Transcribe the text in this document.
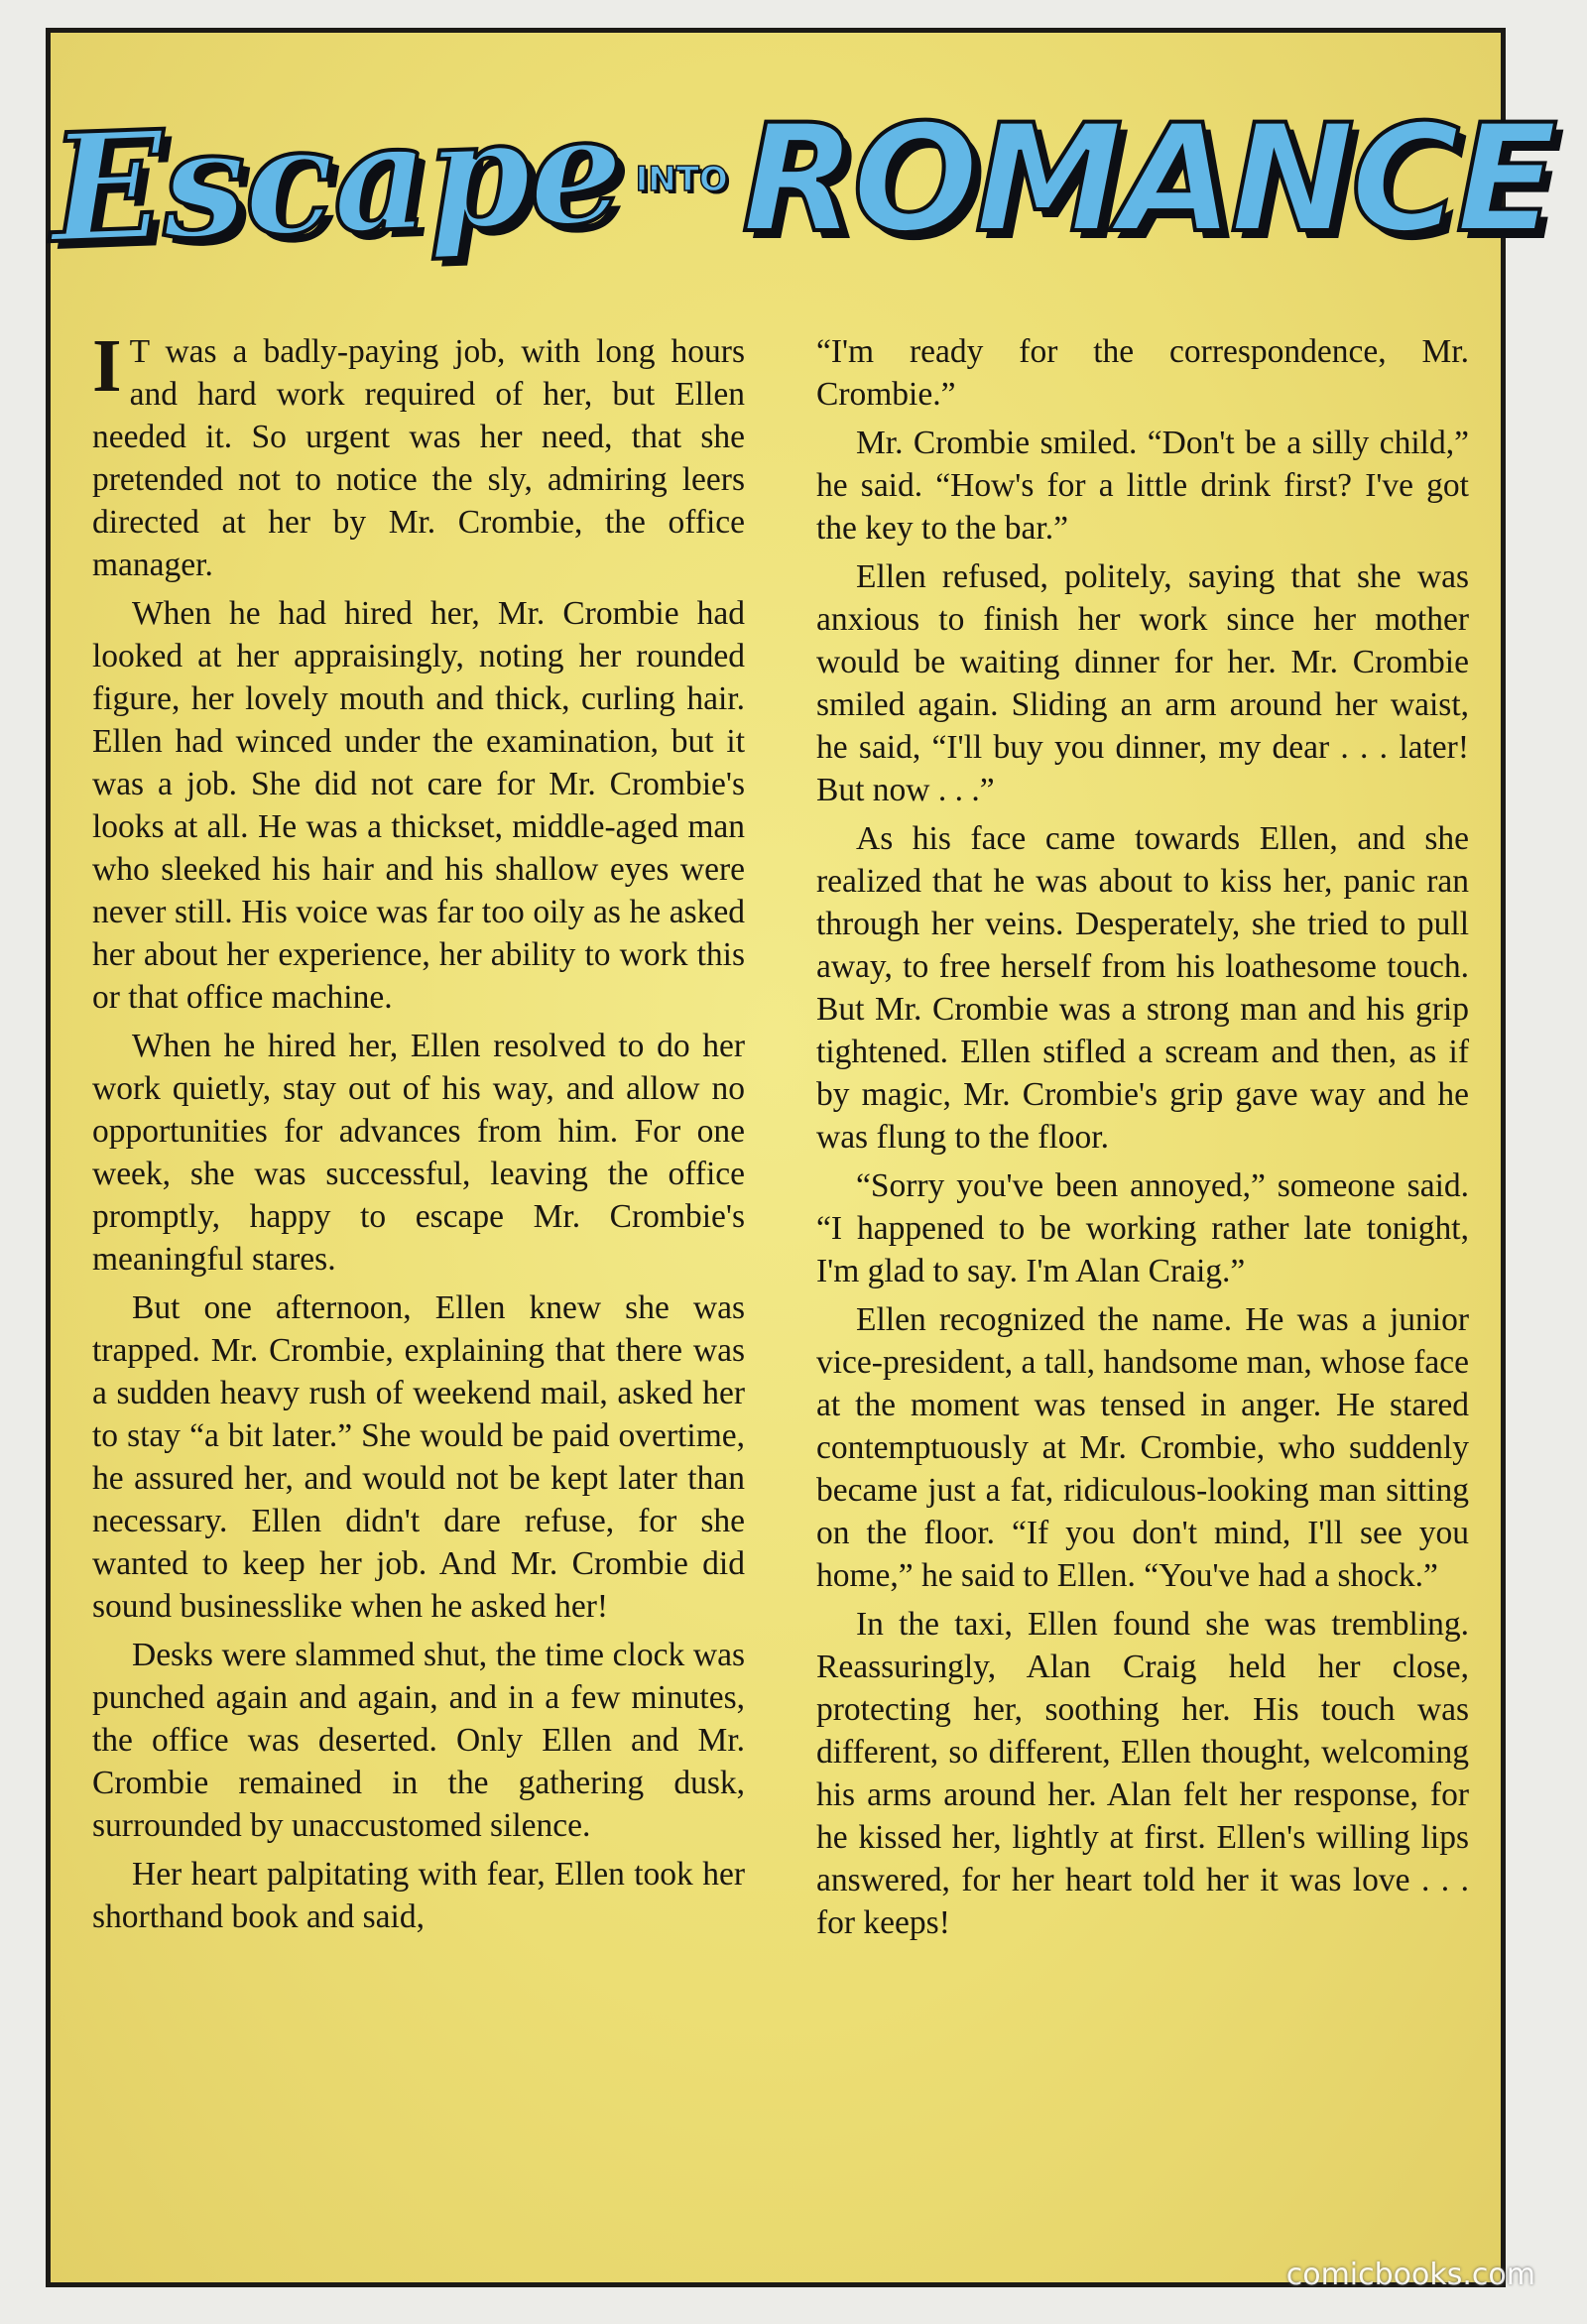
Escape INTO ROMANCE

I T was a badly-paying job, with long hours and hard work required of her, but Ellen needed it. So urgent was her need, that she pretended not to notice the sly, admiring leers directed at her by Mr. Crombie, the office manager.

When he had hired her, Mr. Crombie had looked at her appraisingly, noting her rounded figure, her lovely mouth and thick, curling hair. Ellen had winced under the examination, but it was a job. She did not care for Mr. Crombie's looks at all. He was a thickset, middle-aged man who sleeked his hair and his shallow eyes were never still. His voice was far too oily as he asked her about her experience, her ability to work this or that office machine.

When he hired her, Ellen resolved to do her work quietly, stay out of his way, and allow no opportunities for advances from him. For one week, she was successful, leaving the office promptly, happy to escape Mr. Crombie's meaningful stares.

But one afternoon, Ellen knew she was trapped. Mr. Crombie, explaining that there was a sudden heavy rush of weekend mail, asked her to stay “a bit later.” She would be paid overtime, he assured her, and would not be kept later than necessary. Ellen didn't dare refuse, for she wanted to keep her job. And Mr. Crombie did sound businesslike when he asked her!

Desks were slammed shut, the time clock was punched again and again, and in a few minutes, the office was deserted. Only Ellen and Mr. Crombie remained in the gathering dusk, surrounded by unaccustomed silence.

Her heart palpitating with fear, Ellen took her shorthand book and said,

“I'm ready for the correspondence, Mr. Crombie.”

Mr. Crombie smiled. “Don't be a silly child,” he said. “How's for a little drink first? I've got the key to the bar.”

Ellen refused, politely, saying that she was anxious to finish her work since her mother would be waiting dinner for her. Mr. Crombie smiled again. Sliding an arm around her waist, he said, “I'll buy you dinner, my dear . . . later! But now . . .”

As his face came towards Ellen, and she realized that he was about to kiss her, panic ran through her veins. Desperately, she tried to pull away, to free herself from his loathesome touch. But Mr. Crombie was a strong man and his grip tightened. Ellen stifled a scream and then, as if by magic, Mr. Crombie's grip gave way and he was flung to the floor.

“Sorry you've been annoyed,” someone said. “I happened to be working rather late tonight, I'm glad to say. I'm Alan Craig.”

Ellen recognized the name. He was a junior vice-president, a tall, handsome man, whose face at the moment was tensed in anger. He stared contemptuously at Mr. Crombie, who suddenly became just a fat, ridiculous-looking man sitting on the floor. “If you don't mind, I'll see you home,” he said to Ellen. “You've had a shock.”

In the taxi, Ellen found she was trembling. Reassuringly, Alan Craig held her close, protecting her, soothing her. His touch was different, so different, Ellen thought, welcoming his arms around her. Alan felt her response, for he kissed her, lightly at first. Ellen's willing lips answered, for her heart told her it was love . . . for keeps!

comicbooks.com
